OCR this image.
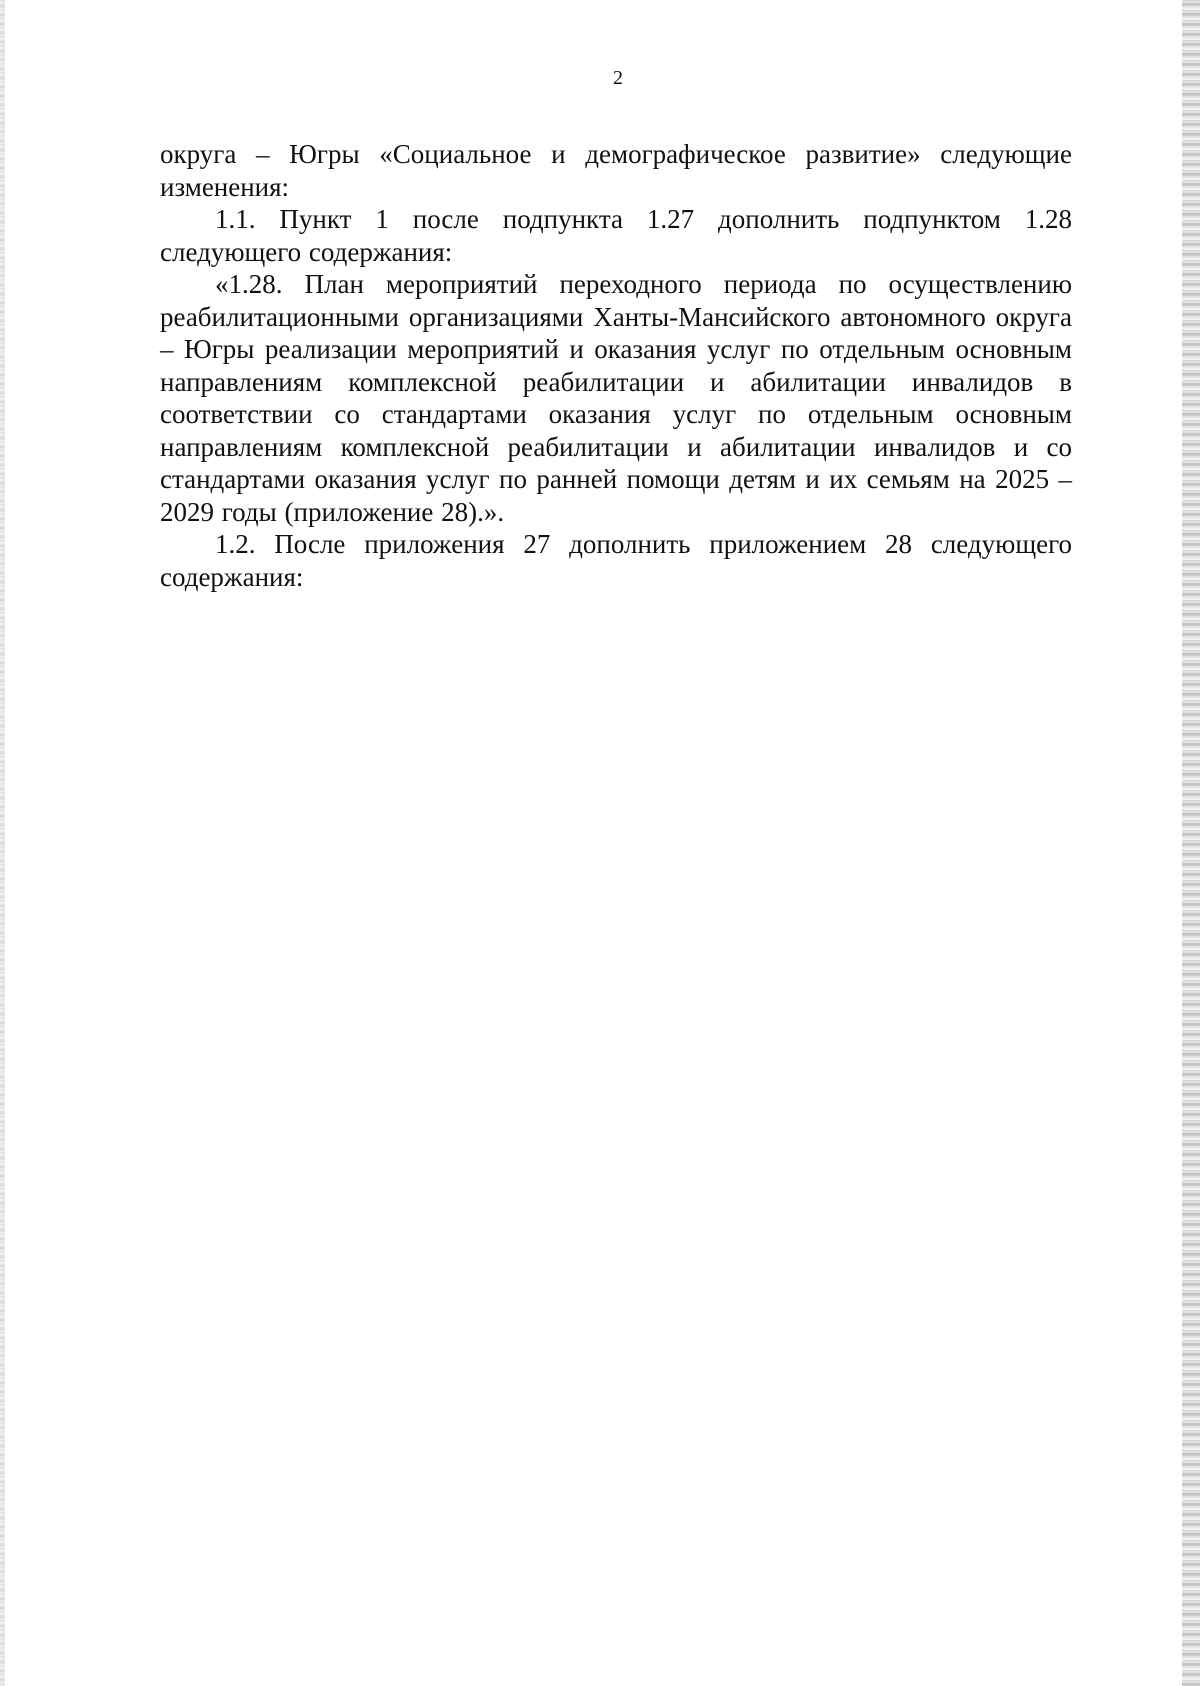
2

округа – Югры «Социальное и демографическое развитие» следующие изменения:

1.1. Пункт 1 после подпункта 1.27 дополнить подпунктом 1.28 следующего содержания:

«1.28. План мероприятий переходного периода по осуществлению реабилитационными организациями Ханты-Мансийского автономного округа – Югры реализации мероприятий и оказания услуг по отдельным основным направлениям комплексной реабилитации и абилитации инвалидов в соответствии со стандартами оказания услуг по отдельным основным направлениям комплексной реабилитации и абилитации инвалидов и со стандартами оказания услуг по ранней помощи детям и их семьям на 2025 – 2029 годы (приложение 28).».

1.2. После приложения 27 дополнить приложением 28 следующего содержания:
